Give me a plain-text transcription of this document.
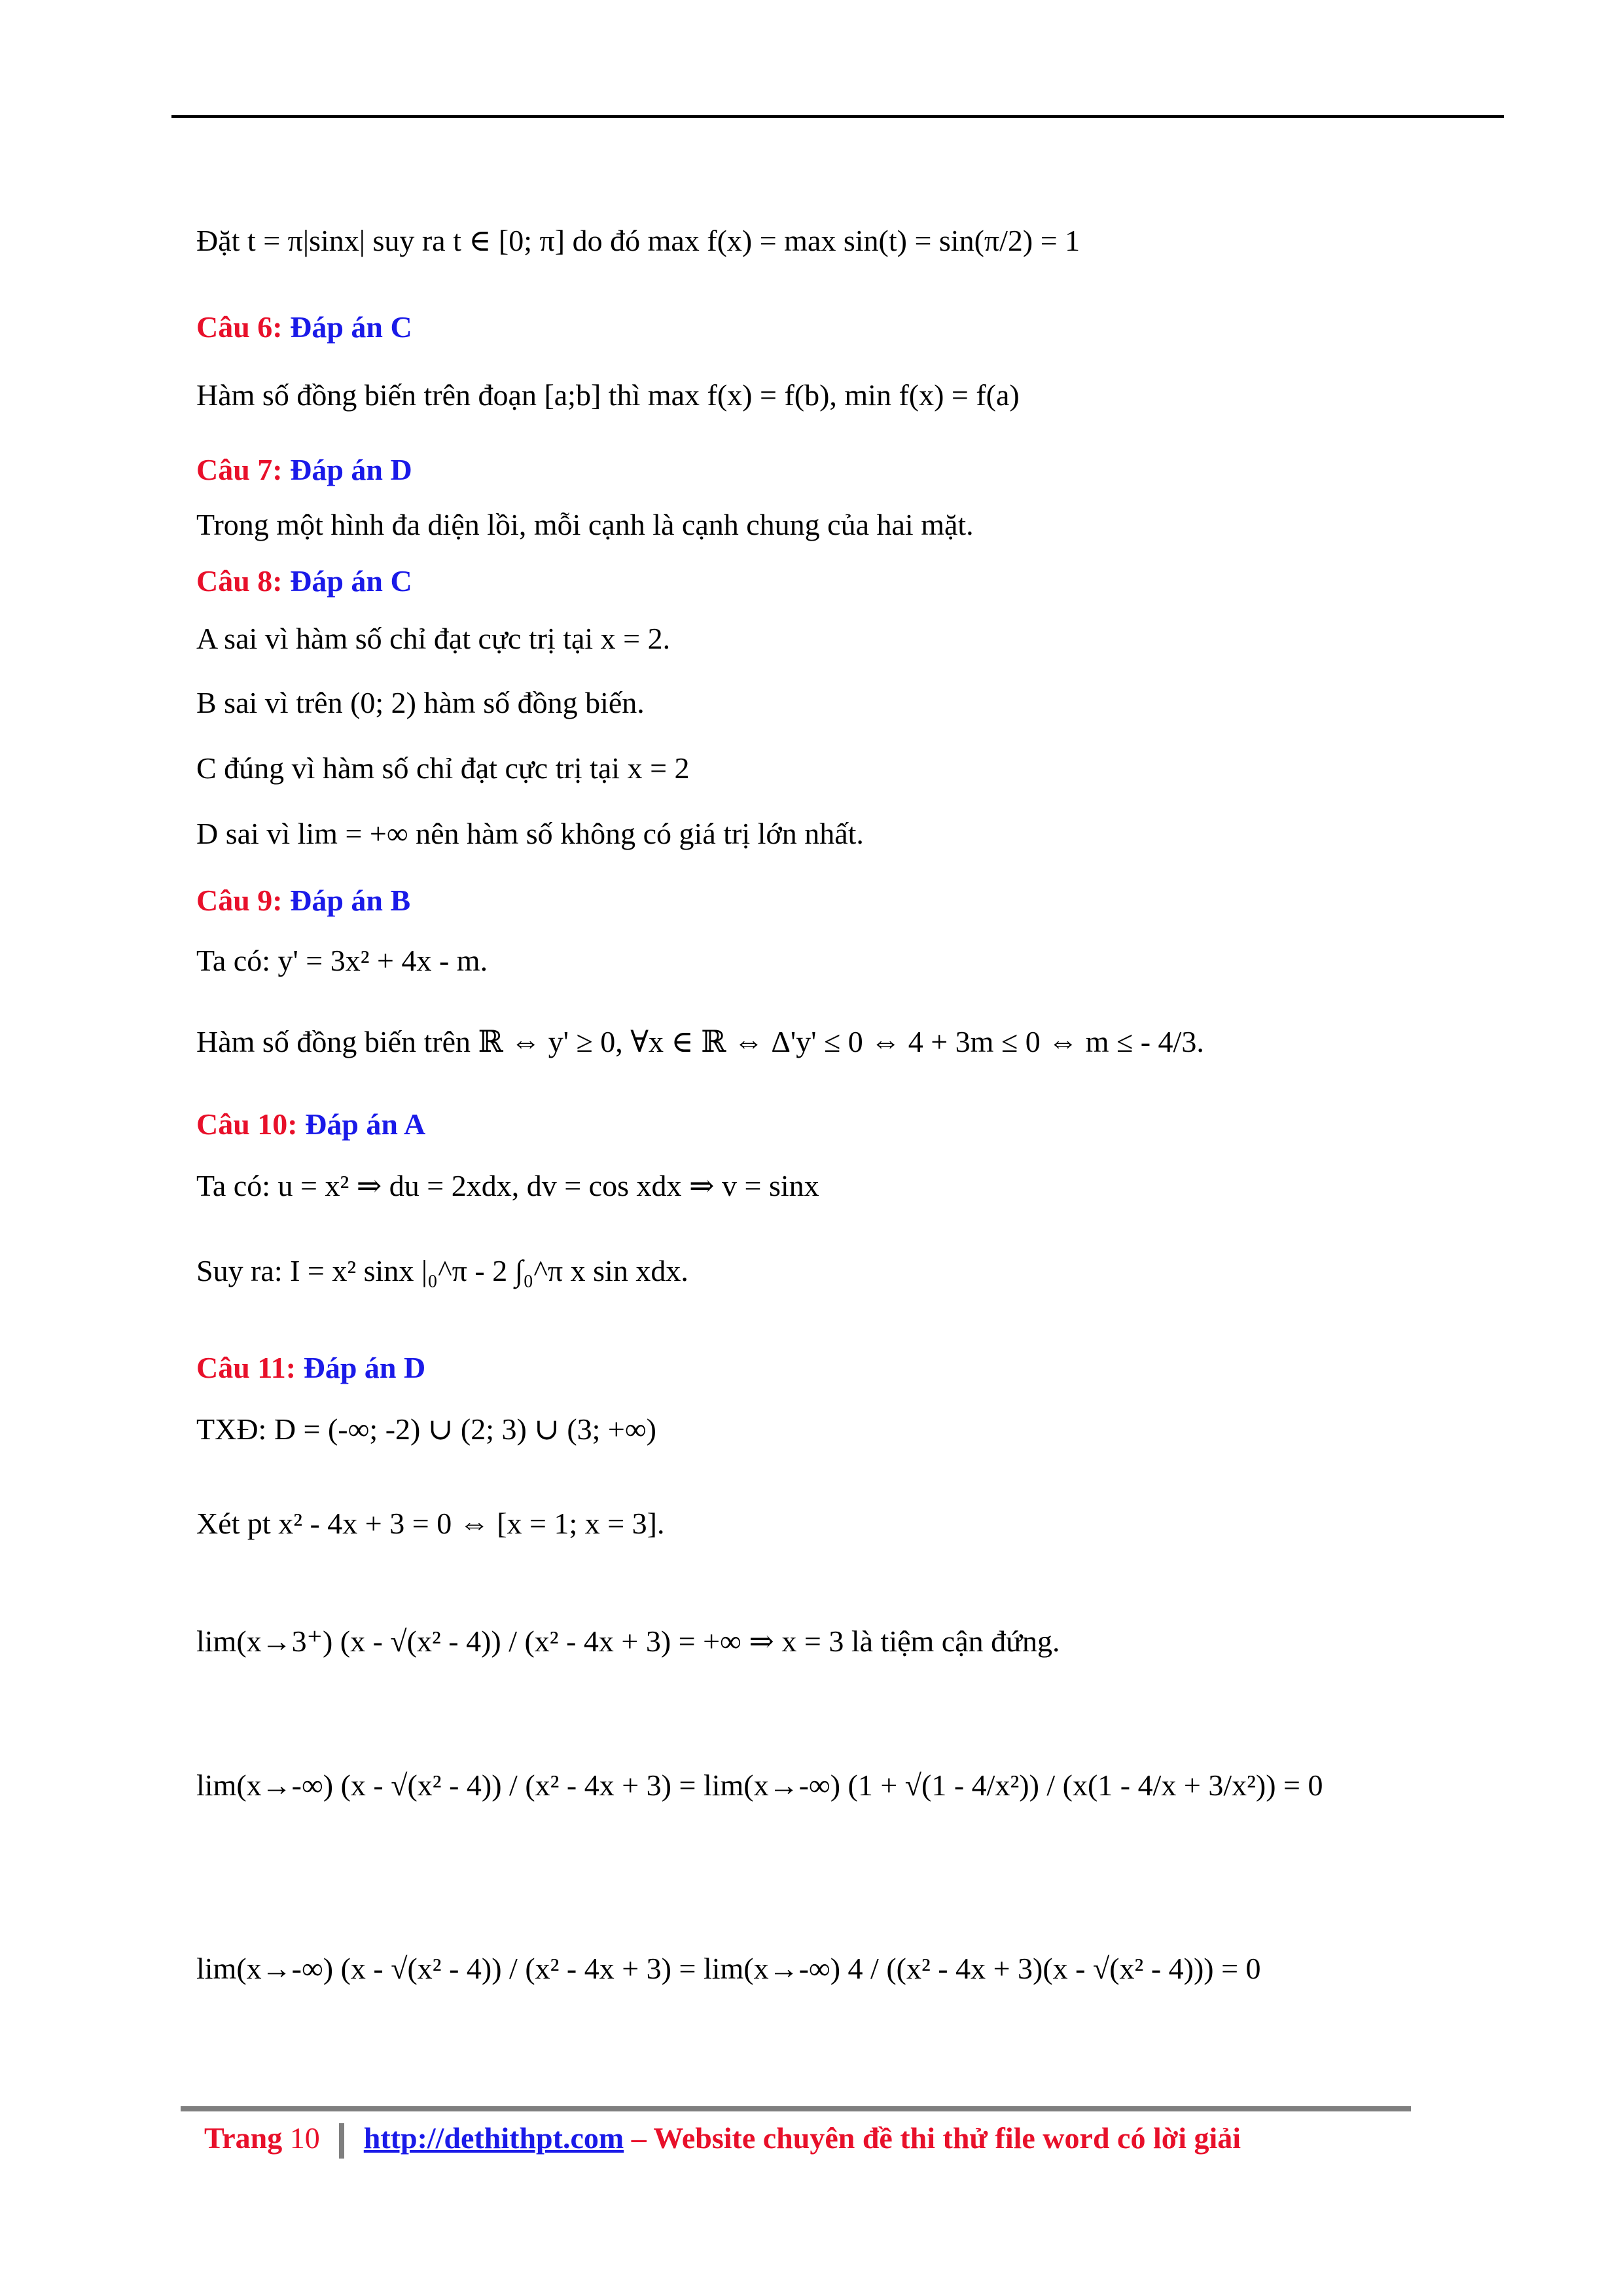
Đặt t = π|sinx| suy ra t ∈ [0; π] do đó max f(x) = max sin(t) = sin(π/2) = 1
Câu 6: Đáp án C
Hàm số đồng biến trên đoạn [a;b] thì max f(x) = f(b), min f(x) = f(a)
Câu 7: Đáp án D
Trong một hình đa diện lồi, mỗi cạnh là cạnh chung của hai mặt.
Câu 8: Đáp án C
A sai vì hàm số chỉ đạt cực trị tại x = 2.
B sai vì trên (0; 2) hàm số đồng biến.
C đúng vì hàm số chỉ đạt cực trị tại x = 2
D sai vì lim = +∞ nên hàm số không có giá trị lớn nhất.
Câu 9: Đáp án B
Ta có: y' = 3x² + 4x - m.
Hàm số đồng biến trên ℝ ⇔ y' ≥ 0, ∀x ∈ ℝ ⇔ Δ'y' ≤ 0 ⇔ 4 + 3m ≤ 0 ⇔ m ≤ - 4/3.
Câu 10: Đáp án A
Ta có: u = x² ⇒ du = 2xdx, dv = cos xdx ⇒ v = sinx
Suy ra: I = x² sinx |₀^π - 2 ∫₀^π x sin xdx.
Câu 11: Đáp án D
TXĐ: D = (-∞; -2) ∪ (2; 3) ∪ (3; +∞)
Xét pt x² - 4x + 3 = 0 ⇔ [x = 1; x = 3].
lim(x→3⁺) (x - √(x² - 4)) / (x² - 4x + 3) = +∞ ⇒ x = 3 là tiệm cận đứng.
lim(x→-∞) (x - √(x² - 4)) / (x² - 4x + 3) = lim(x→-∞) (1 + √(1 - 4/x²)) / (x(1 - 4/x + 3/x²)) = 0
lim(x→-∞) (x - √(x² - 4)) / (x² - 4x + 3) = lim(x→-∞) 4 / ((x² - 4x + 3)(x - √(x² - 4))) = 0
Trang 10 http://dethithpt.com – Website chuyên đề thi thử file word có lời giải
